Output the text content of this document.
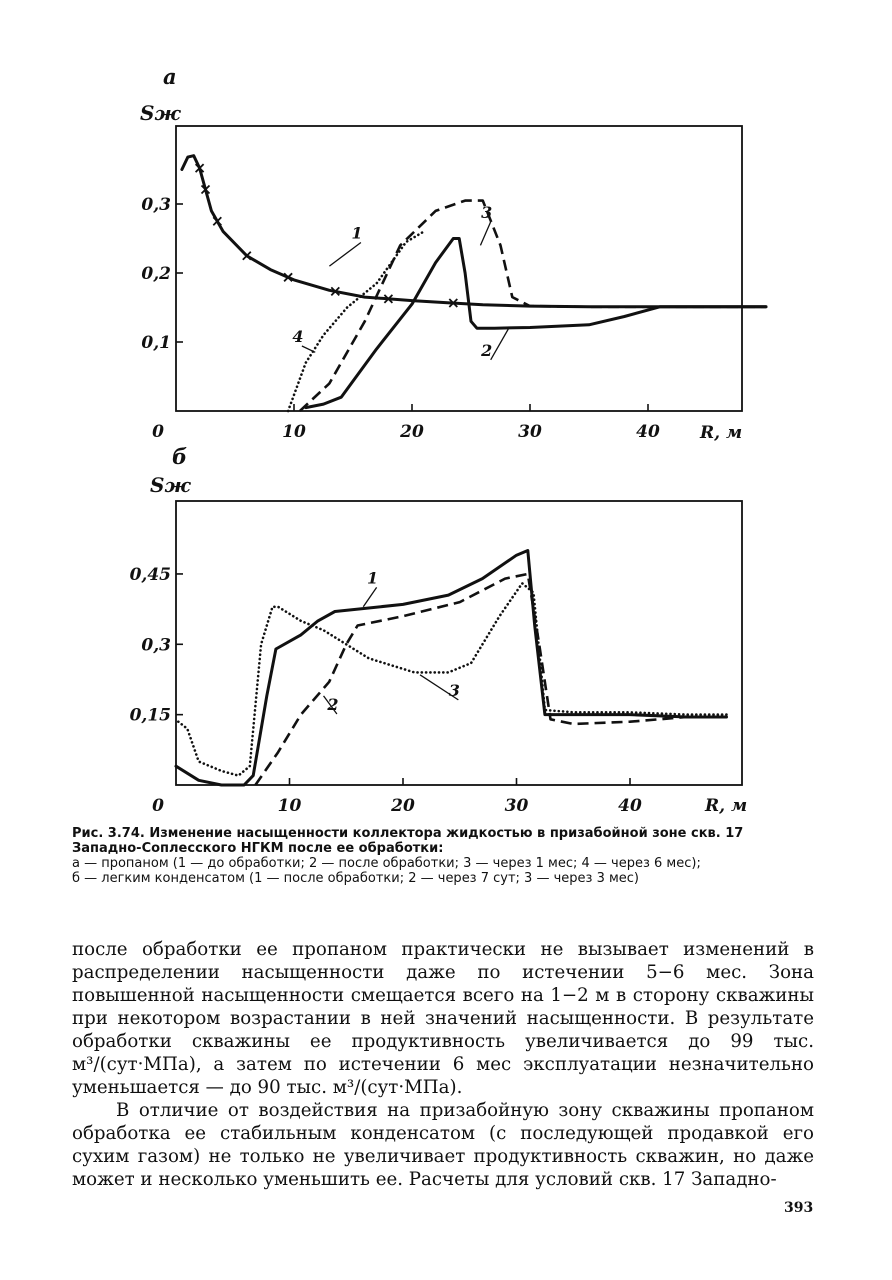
а
Sж
R, м
0,1
0,2
0,3
0	10	20	30	40
1
2
3
4
б
Sж
R, м
0,15
0,3
0,45
0	10	20	30	40
1
2
3
Рис. 3.74. Изменение насыщенности коллектора жидкостью в призабойной зоне скв. 17 Западно-Соплесского НГКМ после ее обработки:
а — пропаном (1 — до обработки; 2 — после обработки; 3 — через 1 мес; 4 — через 6 мес);
б — легким конденсатом (1 — после обработки; 2 — через 7 сут; 3 — через 3 мес)

после обработки ее пропаном практически не вызывает изменений в распределении насыщенности даже по истечении 5−6 мес. Зона повышенной насыщенности смещается всего на 1−2 м в сторону скважины при некотором возрастании в ней значений насыщенности. В результате обработки скважины ее продуктивность увеличивается до 99 тыс. м³/(сут·МПа), а затем по истечении 6 мес эксплуатации незначительно уменьшается — до 90 тыс. м³/(сут·МПа).

В отличие от воздействия на призабойную зону скважины пропаном обработка ее стабильным конденсатом (с последующей продавкой его сухим газом) не только не увеличивает продуктивность скважин, но даже может и несколько уменьшить ее. Расчеты для условий скв. 17 Западно-

393
